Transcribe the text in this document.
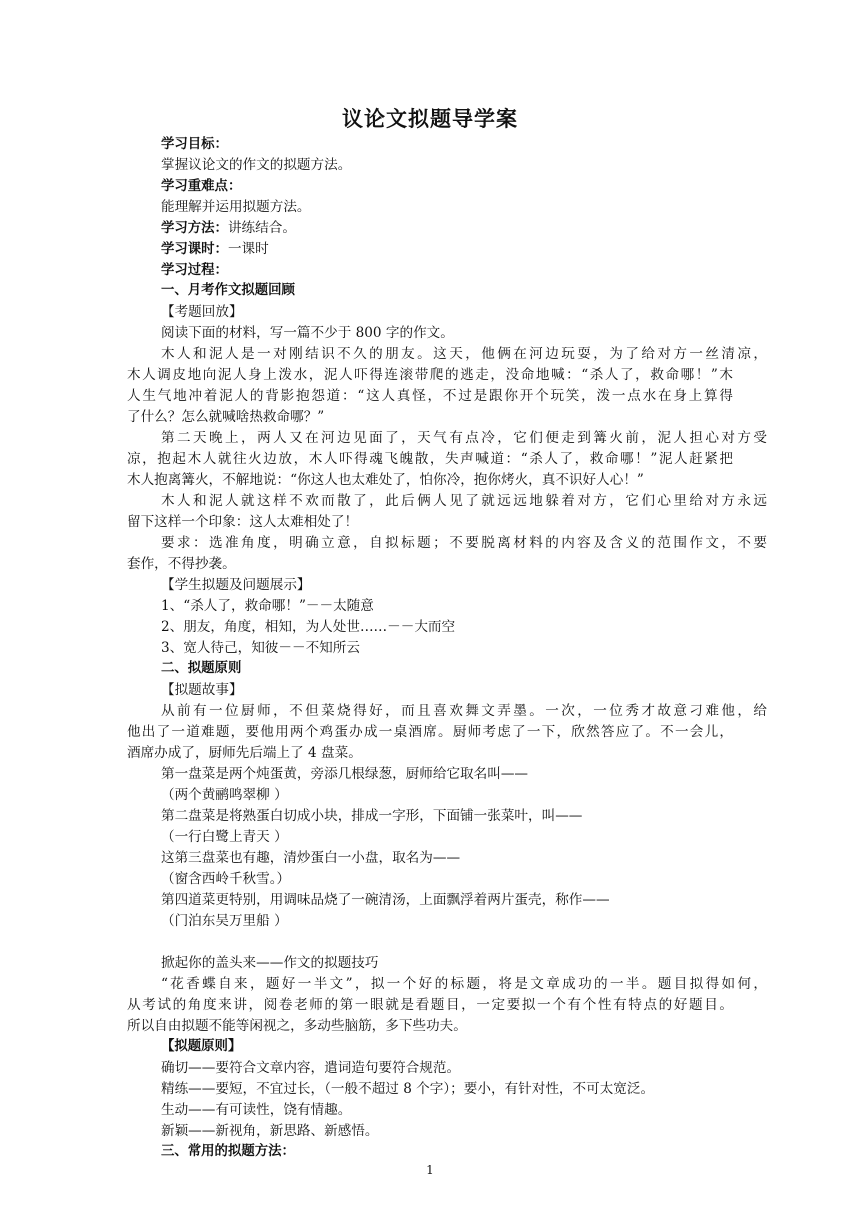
议论文拟题导学案
学习目标：
掌握议论文的作文的拟题方法。
学习重难点：
能理解并运用拟题方法。
学习方法：讲练结合。
学习课时：一课时
学习过程：
一、月考作文拟题回顾
【考题回放】
阅读下面的材料，写一篇不少于 800 字的作文。
木人和泥人是一对刚结识不久的朋友。这天，他俩在河边玩耍，为了给对方一丝清凉，
木人调皮地向泥人身上泼水，泥人吓得连滚带爬的逃走，没命地喊：“杀人了，救命哪！”木
人生气地冲着泥人的背影抱怨道：“这人真怪，不过是跟你开个玩笑，泼一点水在身上算得
了什么？怎么就喊啥热救命哪？”
第二天晚上，两人又在河边见面了，天气有点冷，它们便走到篝火前，泥人担心对方受
凉，抱起木人就往火边放，木人吓得魂飞魄散，失声喊道：“杀人了，救命哪！”泥人赶紧把
木人抱离篝火，不解地说：“你这人也太难处了，怕你冷，抱你烤火，真不识好人心！”
木人和泥人就这样不欢而散了，此后俩人见了就远远地躲着对方，它们心里给对方永远
留下这样一个印象：这人太难相处了！
要求：选准角度，明确立意，自拟标题；不要脱离材料的内容及含义的范围作文，不要
套作，不得抄袭。
【学生拟题及问题展示】
1、“杀人了，救命哪！”－－太随意
2、朋友，角度，相知，为人处世……－－大而空
3、宽人待己，知彼－－不知所云
二、拟题原则
【拟题故事】
从前有一位厨师，不但菜烧得好，而且喜欢舞文弄墨。一次，一位秀才故意刁难他，给
他出了一道难题，要他用两个鸡蛋办成一桌酒席。厨师考虑了一下，欣然答应了。不一会儿，
酒席办成了，厨师先后端上了 4 盘菜。
第一盘菜是两个炖蛋黄，旁添几根绿葱，厨师给它取名叫——
（两个黄鹂鸣翠柳 ）
第二盘菜是将熟蛋白切成小块，排成一字形，下面铺一张菜叶，叫——
（一行白鹭上青天 ）
这第三盘菜也有趣，清炒蛋白一小盘，取名为——
（窗含西岭千秋雪。）
第四道菜更特别，用调味品烧了一碗清汤，上面飘浮着两片蛋壳，称作——
（门泊东吴万里船 ）
掀起你的盖头来——作文的拟题技巧
“花香蝶自来，题好一半文”，拟一个好的标题，将是文章成功的一半。题目拟得如何，
从考试的角度来讲，阅卷老师的第一眼就是看题目，一定要拟一个有个性有特点的好题目。
所以自由拟题不能等闲视之，多动些脑筋，多下些功夫。
【拟题原则】
确切——要符合文章内容，遣词造句要符合规范。
精练——要短，不宜过长，（一般不超过 8 个字）；要小，有针对性，不可太宽泛。
生动——有可读性，饶有情趣。
新颖——新视角，新思路、新感悟。
三、常用的拟题方法：
1
